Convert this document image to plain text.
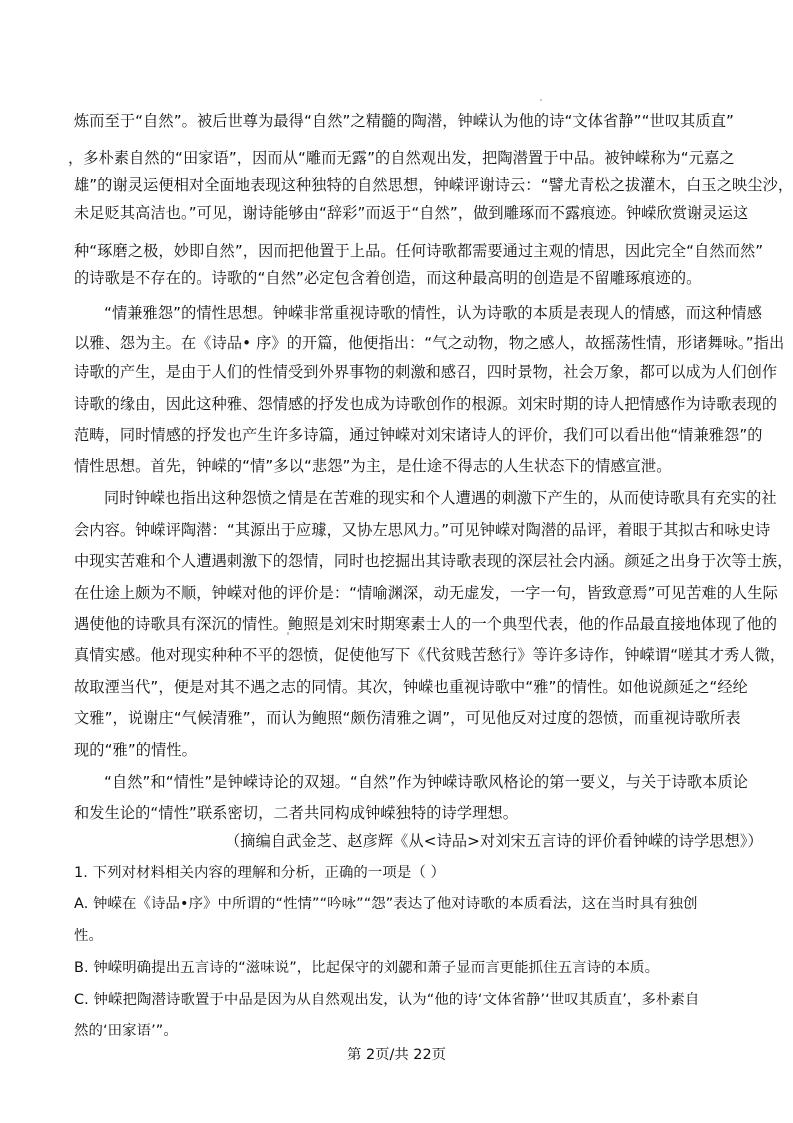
炼而至于“自然”。被后世尊为最得“自然”之精髓的陶潜，钟嵘认为他的诗“文体省静”“世叹其质直”
，多朴素自然的“田家语”，因而从“雕而无露”的自然观出发，把陶潜置于中品。被钟嵘称为“元嘉之
雄”的谢灵运便相对全面地表现这种独特的自然思想，钟嵘评谢诗云：“譬尤青松之拔灌木，白玉之映尘沙，
未足贬其高洁也。”可见，谢诗能够由“辞彩”而返于“自然”，做到雕琢而不露痕迹。钟嵘欣赏谢灵运这
种“琢磨之极，妙即自然”，因而把他置于上品。任何诗歌都需要通过主观的情思，因此完全“自然而然”
的诗歌是不存在的。诗歌的“自然”必定包含着创造，而这种最高明的创造是不留雕琢痕迹的。
“情兼雅怨”的情性思想。钟嵘非常重视诗歌的情性，认为诗歌的本质是表现人的情感，而这种情感
以雅、怨为主。在《诗品• 序》的开篇，他便指出：“气之动物，物之感人，故摇荡性情，形诸舞咏。”指出
诗歌的产生，是由于人们的性情受到外界事物的刺激和感召，四时景物，社会万象，都可以成为人们创作
诗歌的缘由，因此这种雅、怨情感的抒发也成为诗歌创作的根源。刘宋时期的诗人把情感作为诗歌表现的
范畴，同时情感的抒发也产生许多诗篇，通过钟嵘对刘宋诸诗人的评价，我们可以看出他“情兼雅怨”的
情性思想。首先，钟嵘的“情”多以“悲怨”为主，是仕途不得志的人生状态下的情感宣泄。
同时钟嵘也指出这种怨愤之情是在苦难的现实和个人遭遇的刺激下产生的，从而使诗歌具有充实的社
会内容。钟嵘评陶潜：“其源出于应璩，又协左思风力。”可见钟嵘对陶潜的品评，着眼于其拟古和咏史诗
中现实苦难和个人遭遇刺激下的怨情，同时也挖掘出其诗歌表现的深层社会内涵。颜延之出身于次等士族，
在仕途上颇为不顺，钟嵘对他的评价是：“情喻渊深，动无虚发，一字一句，皆致意焉”可见苦难的人生际
遇使他的诗歌具有深沉的情性。鲍照是刘宋时期寒素士人的一个典型代表，他的作品最直接地体现了他的
真情实感。他对现实种种不平的怨愤，促使他写下《代贫贱苦愁行》等许多诗作，钟嵘谓“嗟其才秀人微，
故取湮当代”，便是对其不遇之志的同情。其次，钟嵘也重视诗歌中“雅”的情性。如他说颜延之“经纶
文雅”，说谢庄“气候清雅”，而认为鲍照“颇伤清雅之调”，可见他反对过度的怨愤，而重视诗歌所表
现的“雅”的情性。
“自然”和“情性”是钟嵘诗论的双翅。“自然”作为钟嵘诗歌风格论的第一要义，与关于诗歌本质论
和发生论的“情性”联系密切，二者共同构成钟嵘独特的诗学理想。
（摘编自武金芝、赵彦辉《从<诗品>对刘宋五言诗的评价看钟嵘的诗学思想》）
1. 下列对材料相关内容的理解和分析，正确的一项是（ ）
A. 钟嵘在《诗品•序》中所谓的“性情”“吟咏”“怨”表达了他对诗歌的本质看法，这在当时具有独创
性。
B. 钟嵘明确提出五言诗的“滋味说”，比起保守的刘勰和萧子显而言更能抓住五言诗的本质。
C. 钟嵘把陶潜诗歌置于中品是因为从自然观出发，认为“他的诗‘文体省静’‘世叹其质直’，多朴素自
然的‘田家语’”。
第 2页/共 22页
